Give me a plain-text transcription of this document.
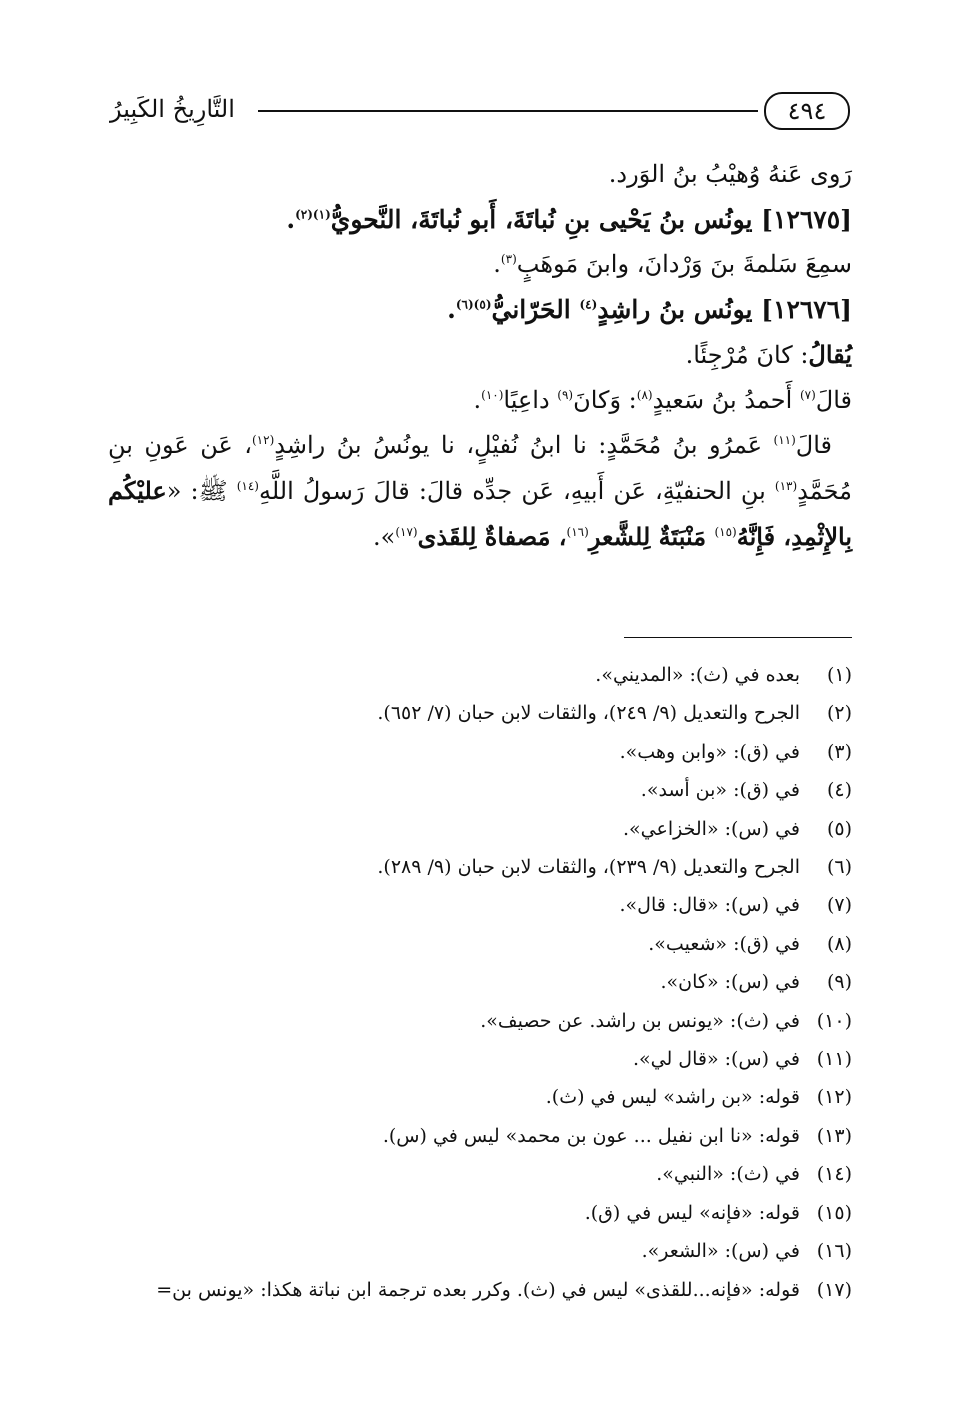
٤٩٤
التَّارِيخُ الكَبِيرُ

رَوى عَنهُ وُهيْبُ بنُ الوَرد.

[١٢٦٧٥] يونُس بنُ يَحْيى بنِ نُباتَةَ، أَبو نُباتَةَ، النَّحويُّ$^{(١)(٢)}$.

سمِعَ سَلمةَ بنَ وَرْدانَ، وابنَ مَوهَبٍ$^{(٣)}$.

[١٢٦٧٦] يونُس بنُ راشِدٍ$^{(٤)}$ الحَرّانيُّ$^{(٥)(٦)}$.

يُقالُ: كانَ مُرْجِئًا.

قالَ$^{(٧)}$ أَحمدُ بنُ سَعيدٍ$^{(٨)}$: وَكانَ$^{(٩)}$ داعِيًا$^{(١٠)}$.

قالَ$^{(١١)}$ عَمرُو بنُ مُحَمَّدٍ: نا ابنُ نُفيْلٍ، نا يونُسُ بنُ راشِدٍ$^{(١٢)}$، عَن عَونِ بنِ مُحَمَّدٍ$^{(١٣)}$ بنِ الحنفيّةِ، عَن أَبيهِ، عَن جدِّه قالَ: قالَ رَسولُ اللَّهِ$^{(١٤)}$ ﷺ: «عليْكُم بِالإِثْمِدِ، فَإِنَّهُ$^{(١٥)}$ مَنْبَتَةٌ لِلشَّعرِ$^{(١٦)}$، مَصفاةٌ لِلقَذى$^{(١٧)}$».

(١)بعده في (ث): «المديني».
(٢)الجرح والتعديل (٩/ ٢٤٩)، والثقات لابن حبان (٧/ ٦٥٢).
(٣)في (ق): «وابن وهب».
(٤)في (ق): «بن أسد».
(٥)في (س): «الخزاعي».
(٦)الجرح والتعديل (٩/ ٢٣٩)، والثقات لابن حبان (٩/ ٢٨٩).
(٧)في (س): «قال: قال».
(٨)في (ق): «شعيب».
(٩)في (س): «كان».
(١٠)في (ث): «يونس بن راشد. عن حصيف».
(١١)في (س): «قال لي».
(١٢)قوله: «بن راشد» ليس في (ث).
(١٣)قوله: «نا ابن نفيل ... عون بن محمد» ليس في (س).
(١٤)في (ث): «النبي».
(١٥)قوله: «فإنه» ليس في (ق).
(١٦)في (س): «الشعر».
(١٧)قوله: «فإنه...للقذى» ليس في (ث). وكرر بعده ترجمة ابن نباتة هكذا: «يونس بن=
